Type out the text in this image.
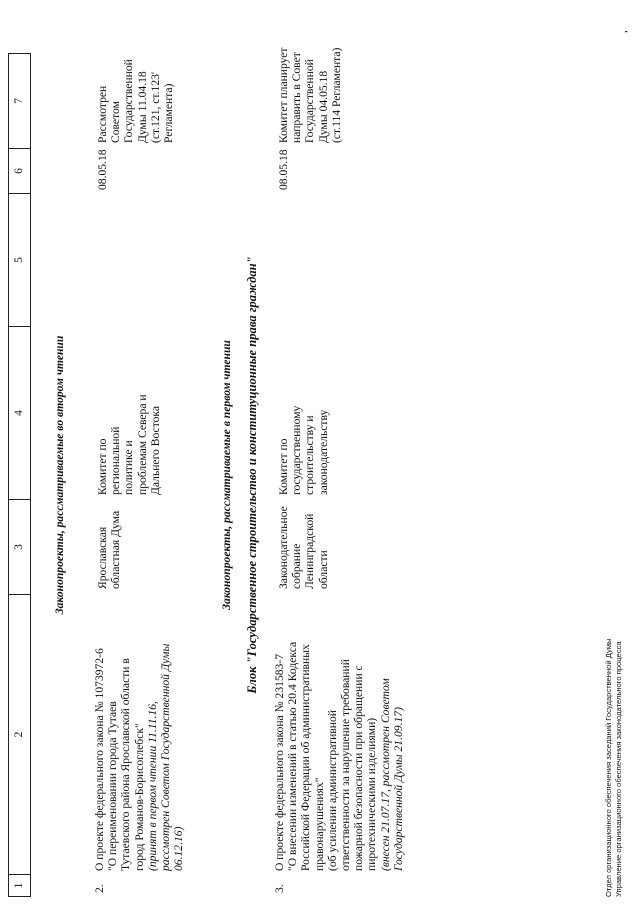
1
2
3
4
5
6
7
Законопроекты, рассматриваемые во втором чтении
2.
О проекте федерального закона № 1073972-6 "О переименовании города Тутаев Тутаевского района Ярославской области в город Романов-Борисоглебск" (принят в первом чтении 11.11.16, рассмотрен Советом Государственной Думы 06.12.16)
Ярославская областная Дума
Комитет по региональной политике и проблемам Севера и Дальнего Востока
08.05.18
Рассмотрен Советом Государственной Думы 11.04.18 (ст.121, ст.123' Регламента)
Законопроекты, рассматриваемые в первом чтении Блок "Государственное строительство и конституционные права граждан"
3.
О проекте федерального закона № 231583-7 "О внесении изменений в статью 20.4 Кодекса Российской Федерации об административных правонарушениях" (об усилении административной ответственности за нарушение требований пожарной безопасности при обращении с пиротехническими изделиями) (внесен 21.07.17, рассмотрен Советом Государственной Думы 21.09.17)
Законодательное собрание Ленинградской области
Комитет по государственному строительству и законодательству
08.05.18
Комитет планирует направить в Совет Государственной Думы 04.05.18 (ст.114 Регламента)
Отдел организационного обеспечения заседаний Государственной Думы Управление организационного обеспечения законодательного процесса
,
